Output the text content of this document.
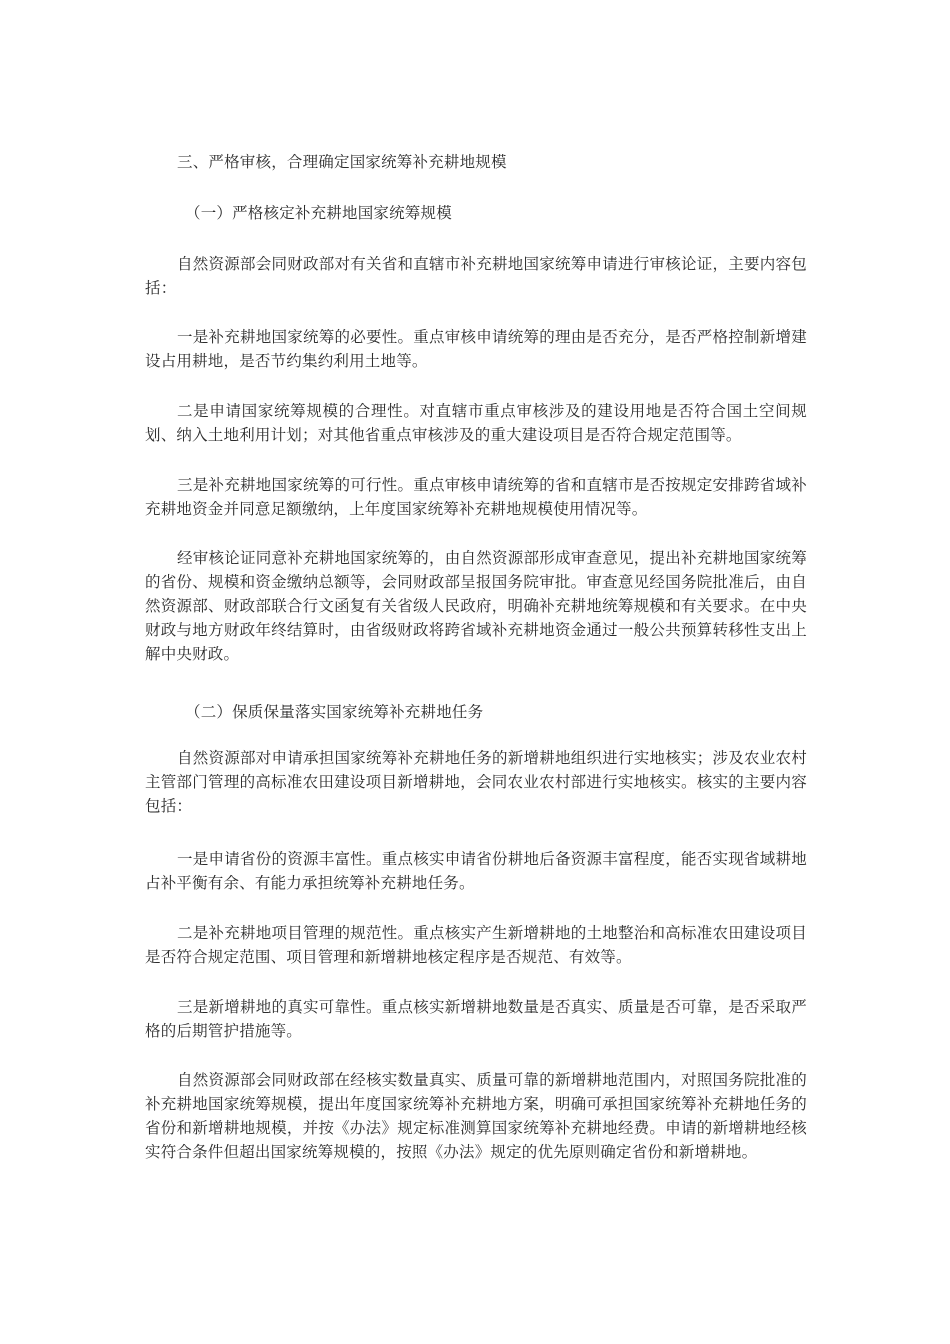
三、严格审核，合理确定国家统筹补充耕地规模

（一）严格核定补充耕地国家统筹规模

自然资源部会同财政部对有关省和直辖市补充耕地国家统筹申请进行审核论证，主要内容包括：

一是补充耕地国家统筹的必要性。重点审核申请统筹的理由是否充分，是否严格控制新增建设占用耕地，是否节约集约利用土地等。

二是申请国家统筹规模的合理性。对直辖市重点审核涉及的建设用地是否符合国土空间规划、纳入土地利用计划；对其他省重点审核涉及的重大建设项目是否符合规定范围等。

三是补充耕地国家统筹的可行性。重点审核申请统筹的省和直辖市是否按规定安排跨省域补充耕地资金并同意足额缴纳，上年度国家统筹补充耕地规模使用情况等。

经审核论证同意补充耕地国家统筹的，由自然资源部形成审查意见，提出补充耕地国家统筹的省份、规模和资金缴纳总额等，会同财政部呈报国务院审批。审查意见经国务院批准后，由自然资源部、财政部联合行文函复有关省级人民政府，明确补充耕地统筹规模和有关要求。在中央财政与地方财政年终结算时，由省级财政将跨省域补充耕地资金通过一般公共预算转移性支出上解中央财政。

（二）保质保量落实国家统筹补充耕地任务

自然资源部对申请承担国家统筹补充耕地任务的新增耕地组织进行实地核实；涉及农业农村主管部门管理的高标准农田建设项目新增耕地，会同农业农村部进行实地核实。核实的主要内容包括：

一是申请省份的资源丰富性。重点核实申请省份耕地后备资源丰富程度，能否实现省域耕地占补平衡有余、有能力承担统筹补充耕地任务。

二是补充耕地项目管理的规范性。重点核实产生新增耕地的土地整治和高标准农田建设项目是否符合规定范围、项目管理和新增耕地核定程序是否规范、有效等。

三是新增耕地的真实可靠性。重点核实新增耕地数量是否真实、质量是否可靠，是否采取严格的后期管护措施等。

自然资源部会同财政部在经核实数量真实、质量可靠的新增耕地范围内，对照国务院批准的补充耕地国家统筹规模，提出年度国家统筹补充耕地方案，明确可承担国家统筹补充耕地任务的省份和新增耕地规模，并按《办法》规定标准测算国家统筹补充耕地经费。申请的新增耕地经核实符合条件但超出国家统筹规模的，按照《办法》规定的优先原则确定省份和新增耕地。
